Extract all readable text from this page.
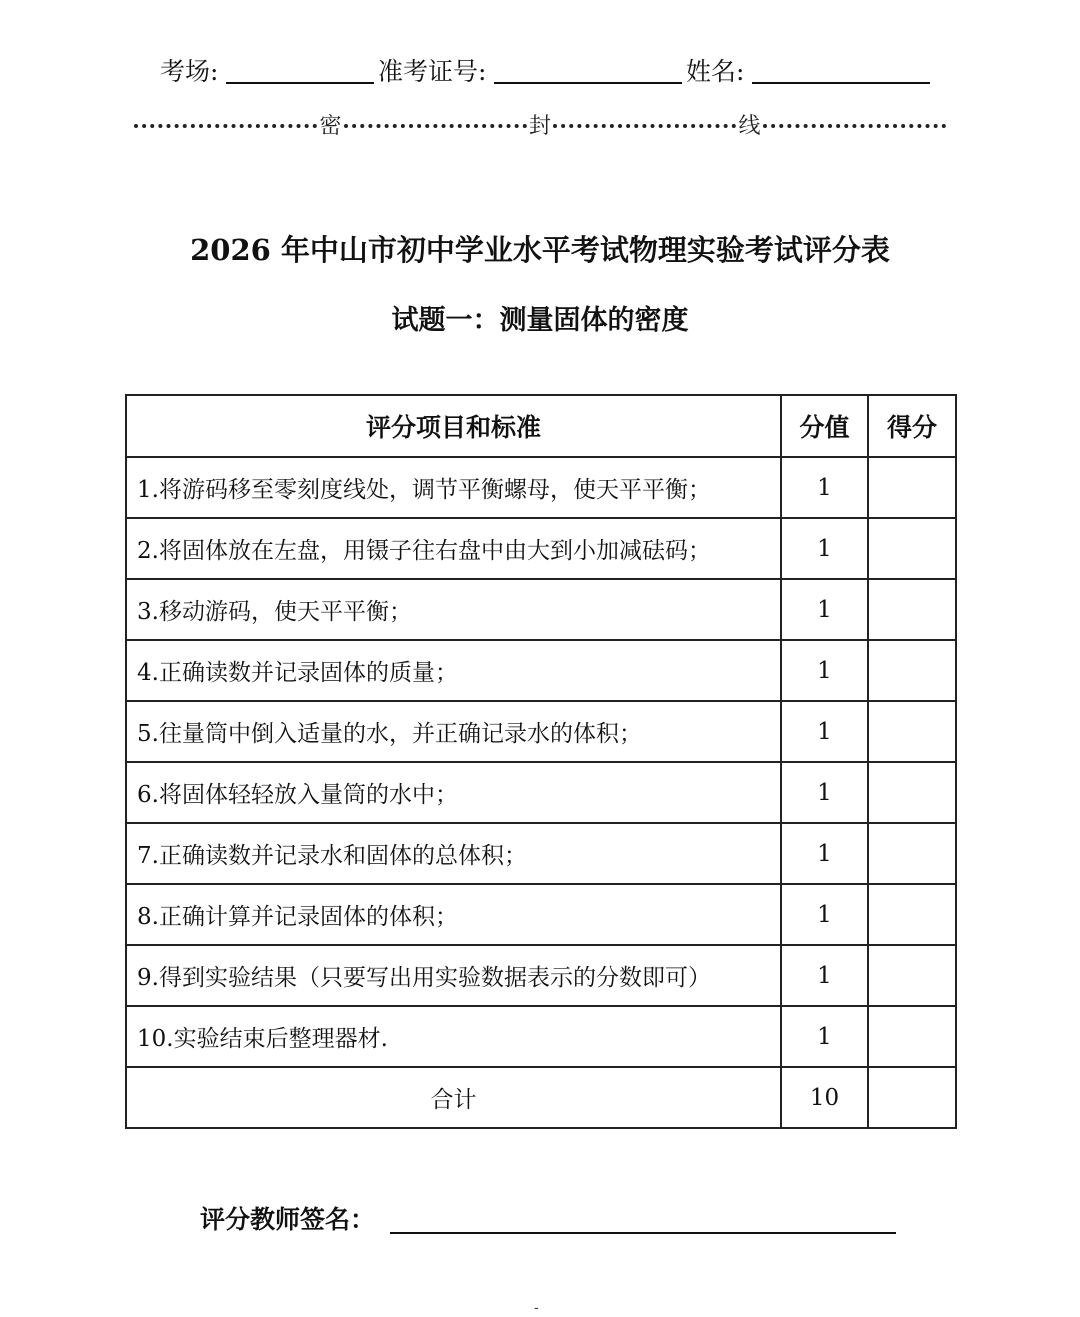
考场:	准考证号:	姓名:
密	封	线
2026 年中山市初中学业水平考试物理实验考试评分表
试题一：测量固体的密度
评分项目和标准	分值	得分
1.将游码移至零刻度线处，调节平衡螺母，使天平平衡；	1	
2.将固体放在左盘，用镊子往右盘中由大到小加减砝码；	1	
3.移动游码，使天平平衡；	1	
4.正确读数并记录固体的质量；	1	
5.往量筒中倒入适量的水，并正确记录水的体积；	1	
6.将固体轻轻放入量筒的水中；	1	
7.正确读数并记录水和固体的总体积；	1	
8.正确计算并记录固体的体积；	1	
9.得到实验结果（只要写出用实验数据表示的分数即可）	1	
10.实验结束后整理器材.	1	
合计	10	
评分教师签名：
-
